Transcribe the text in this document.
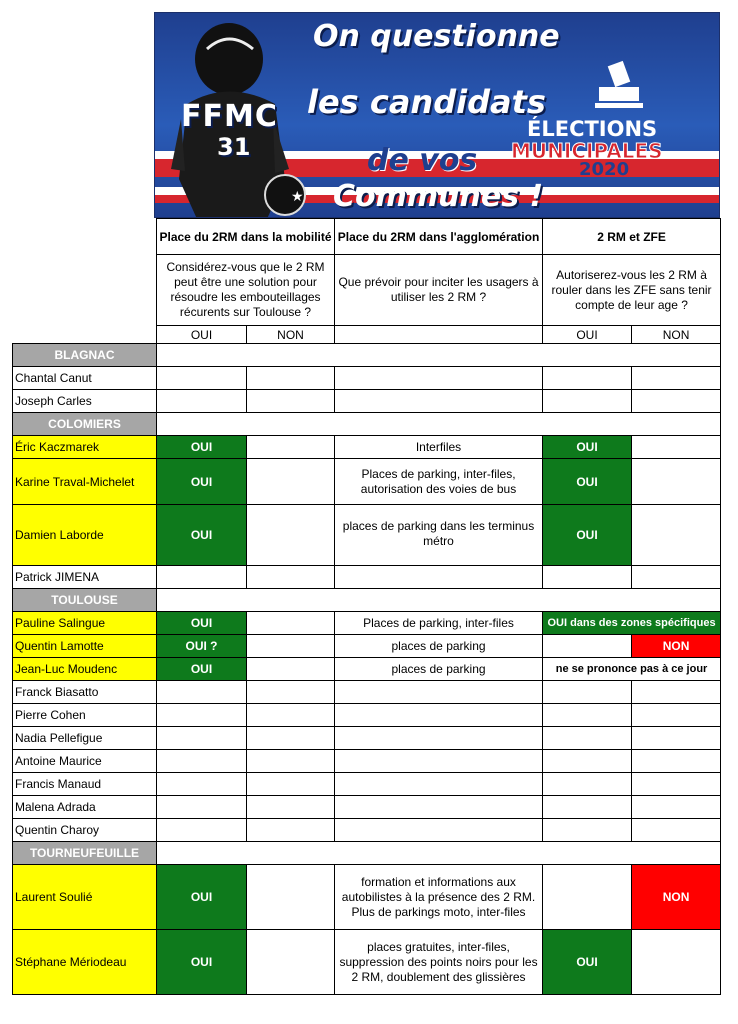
★
FFMC
31
On questionne
les candidats
de vos
Communes !
ÉLECTIONS
MUNICIPALES
2020
	Place du 2RM dans la mobilité		Place du 2RM dans l'agglomération	2 RM et ZFE	
	Considérez-vous que le 2 RM peut être une solution pour résoudre les embouteillages récurents sur Toulouse ?		Que prévoir pour inciter les usagers à utiliser les 2 RM ?	Autoriserez-vous les 2 RM à rouler dans les ZFE sans tenir compte de leur age ?	
	OUI	NON		OUI	NON
BLAGNAC					
Chantal Canut					
Joseph Carles					
COLOMIERS					
Éric Kaczmarek	OUI		Interfiles	OUI	
Karine Traval-Michelet	OUI		Places de parking, inter-files, autorisation des voies de bus	OUI	
Damien Laborde	OUI		places de parking dans les terminus métro	OUI	
Patrick JIMENA					
TOULOUSE					
Pauline Salingue	OUI		Places de parking, inter-files	OUI dans des zones spécifiques	
Quentin Lamotte	OUI ?		places de parking		NON
Jean-Luc Moudenc	OUI		places de parking	ne se prononce pas à ce jour	
Franck Biasatto					
Pierre Cohen					
Nadia Pellefigue					
Antoine Maurice					
Francis Manaud					
Malena Adrada					
Quentin Charoy					
TOURNEUFEUILLE					
Laurent Soulié	OUI		formation et informations aux autobilistes à la présence des 2 RM. Plus de parkings moto, inter-files		NON
Stéphane Mériodeau	OUI		places gratuites, inter-files, suppression des points noirs pour les 2 RM, doublement des glissières	OUI	
